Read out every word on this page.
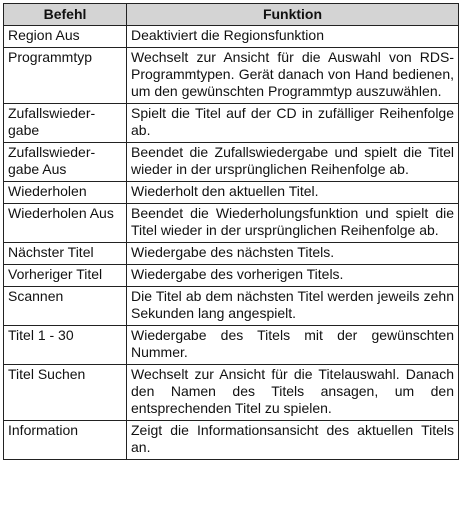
Befehl	Funktion
Region Aus	Deaktiviert die Regionsfunktion
Programmtyp	Wechselt zur Ansicht für die Auswahl von RDS-Programmtypen. Gerät danach von Hand bedienen, um den gewünschten Programmtyp auszuwählen.
Zufallswieder-gabe	Spielt die Titel auf der CD in zufälliger Reihenfolge ab.
Zufallswieder-gabe Aus	Beendet die Zufallswiedergabe und spielt die Titel wieder in der ursprünglichen Reihenfolge ab.
Wiederholen	Wiederholt den aktuellen Titel.
Wiederholen Aus	Beendet die Wiederholungsfunktion und spielt die Titel wieder in der ursprünglichen Reihenfolge ab.
Nächster Titel	Wiedergabe des nächsten Titels.
Vorheriger Titel	Wiedergabe des vorherigen Titels.
Scannen	Die Titel ab dem nächsten Titel werden jeweils zehn Sekunden lang angespielt.
Titel 1 - 30	Wiedergabe des Titels mit der gewünschten Nummer.
Titel Suchen	Wechselt zur Ansicht für die Titelauswahl. Danach den Namen des Titels ansagen, um den entsprechenden Titel zu spielen.
Information	Zeigt die Informationsansicht des aktuellen Titels an.
